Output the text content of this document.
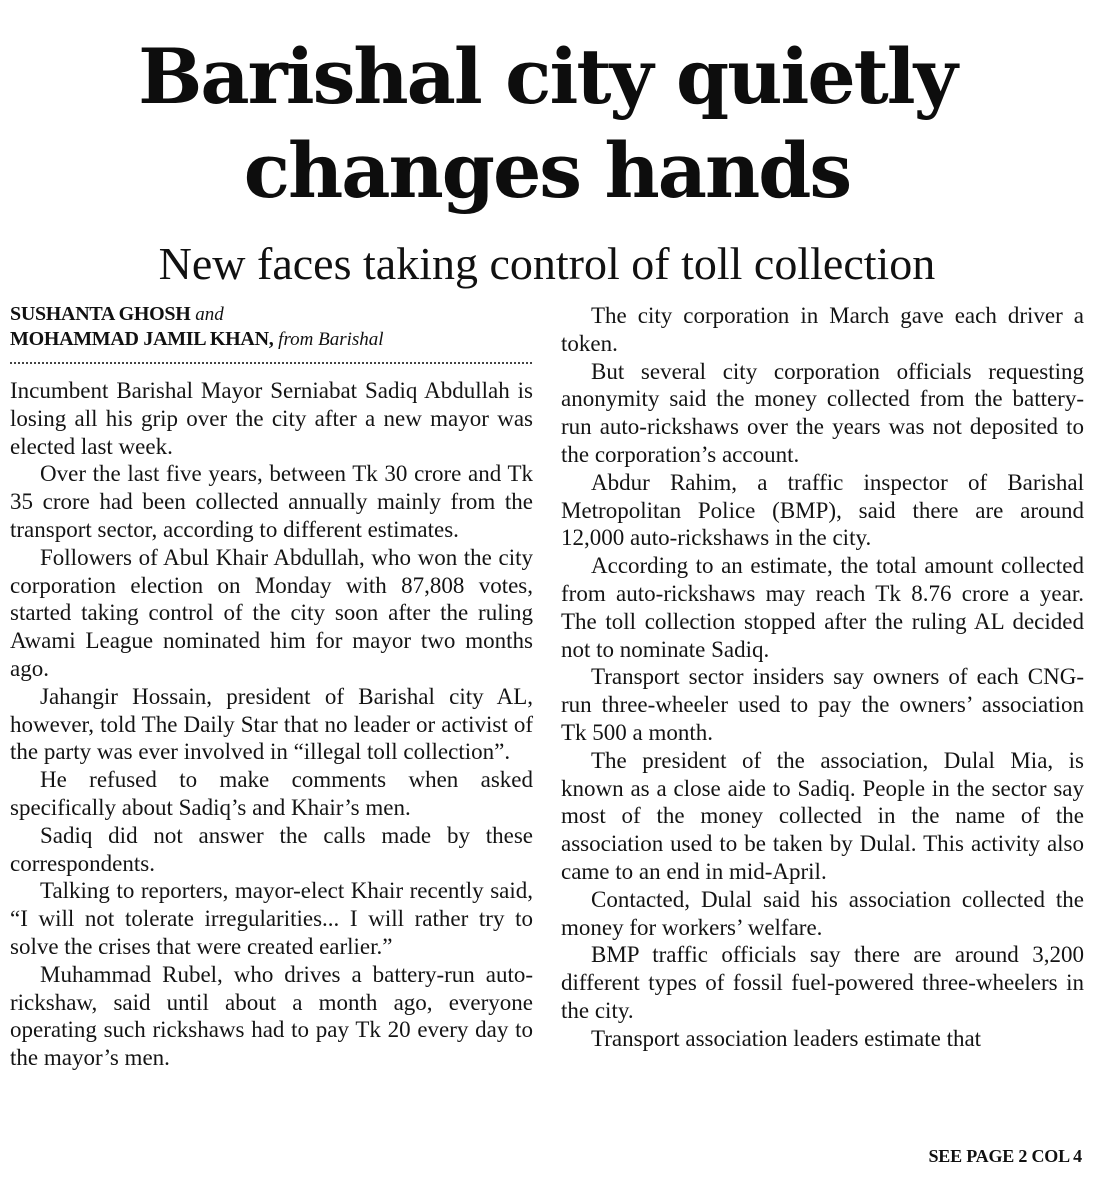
Barishal city quietly
changes hands
New faces taking control of toll collection
SUSHANTA GHOSH and
MOHAMMAD JAMIL KHAN, from Barishal

Incumbent Barishal Mayor Serniabat Sadiq Abdullah is losing all his grip over the city after a new mayor was elected last week.

Over the last five years, between Tk 30 crore and Tk 35 crore had been collected annually mainly from the transport sector, according to different estimates.

Followers of Abul Khair Abdullah, who won the city corporation election on Monday with 87,808 votes, started taking control of the city soon after the ruling Awami League nominated him for mayor two months ago.

Jahangir Hossain, president of Barishal city AL, however, told The Daily Star that no leader or activist of the party was ever involved in “illegal toll collection”.

He refused to make comments when asked specifically about Sadiq’s and Khair’s men.

Sadiq did not answer the calls made by these correspondents.

Talking to reporters, mayor-elect Khair recently said, “I will not tolerate irregularities... I will rather try to solve the crises that were created earlier.”

Muhammad Rubel, who drives a battery-run auto-rickshaw, said until about a month ago, everyone operating such rickshaws had to pay Tk 20 every day to the mayor’s men.

The city corporation in March gave each driver a token.

But several city corporation officials requesting anonymity said the money collected from the battery-run auto-rickshaws over the years was not deposited to the corporation’s account.

Abdur Rahim, a traffic inspector of Barishal Metropolitan Police (BMP), said there are around 12,000 auto-rickshaws in the city.

According to an estimate, the total amount collected from auto-rickshaws may reach Tk 8.76 crore a year. The toll collection stopped after the ruling AL decided not to nominate Sadiq.

Transport sector insiders say owners of each CNG-run three-wheeler used to pay the owners’ association Tk 500 a month.

The president of the association, Dulal Mia, is known as a close aide to Sadiq. People in the sector say most of the money collected in the name of the association used to be taken by Dulal. This activity also came to an end in mid-April.

Contacted, Dulal said his association collected the money for workers’ welfare.

BMP traffic officials say there are around 3,200 different types of fossil fuel-powered three-wheelers in the city.

Transport association leaders estimate that

SEE PAGE 2 COL 4
